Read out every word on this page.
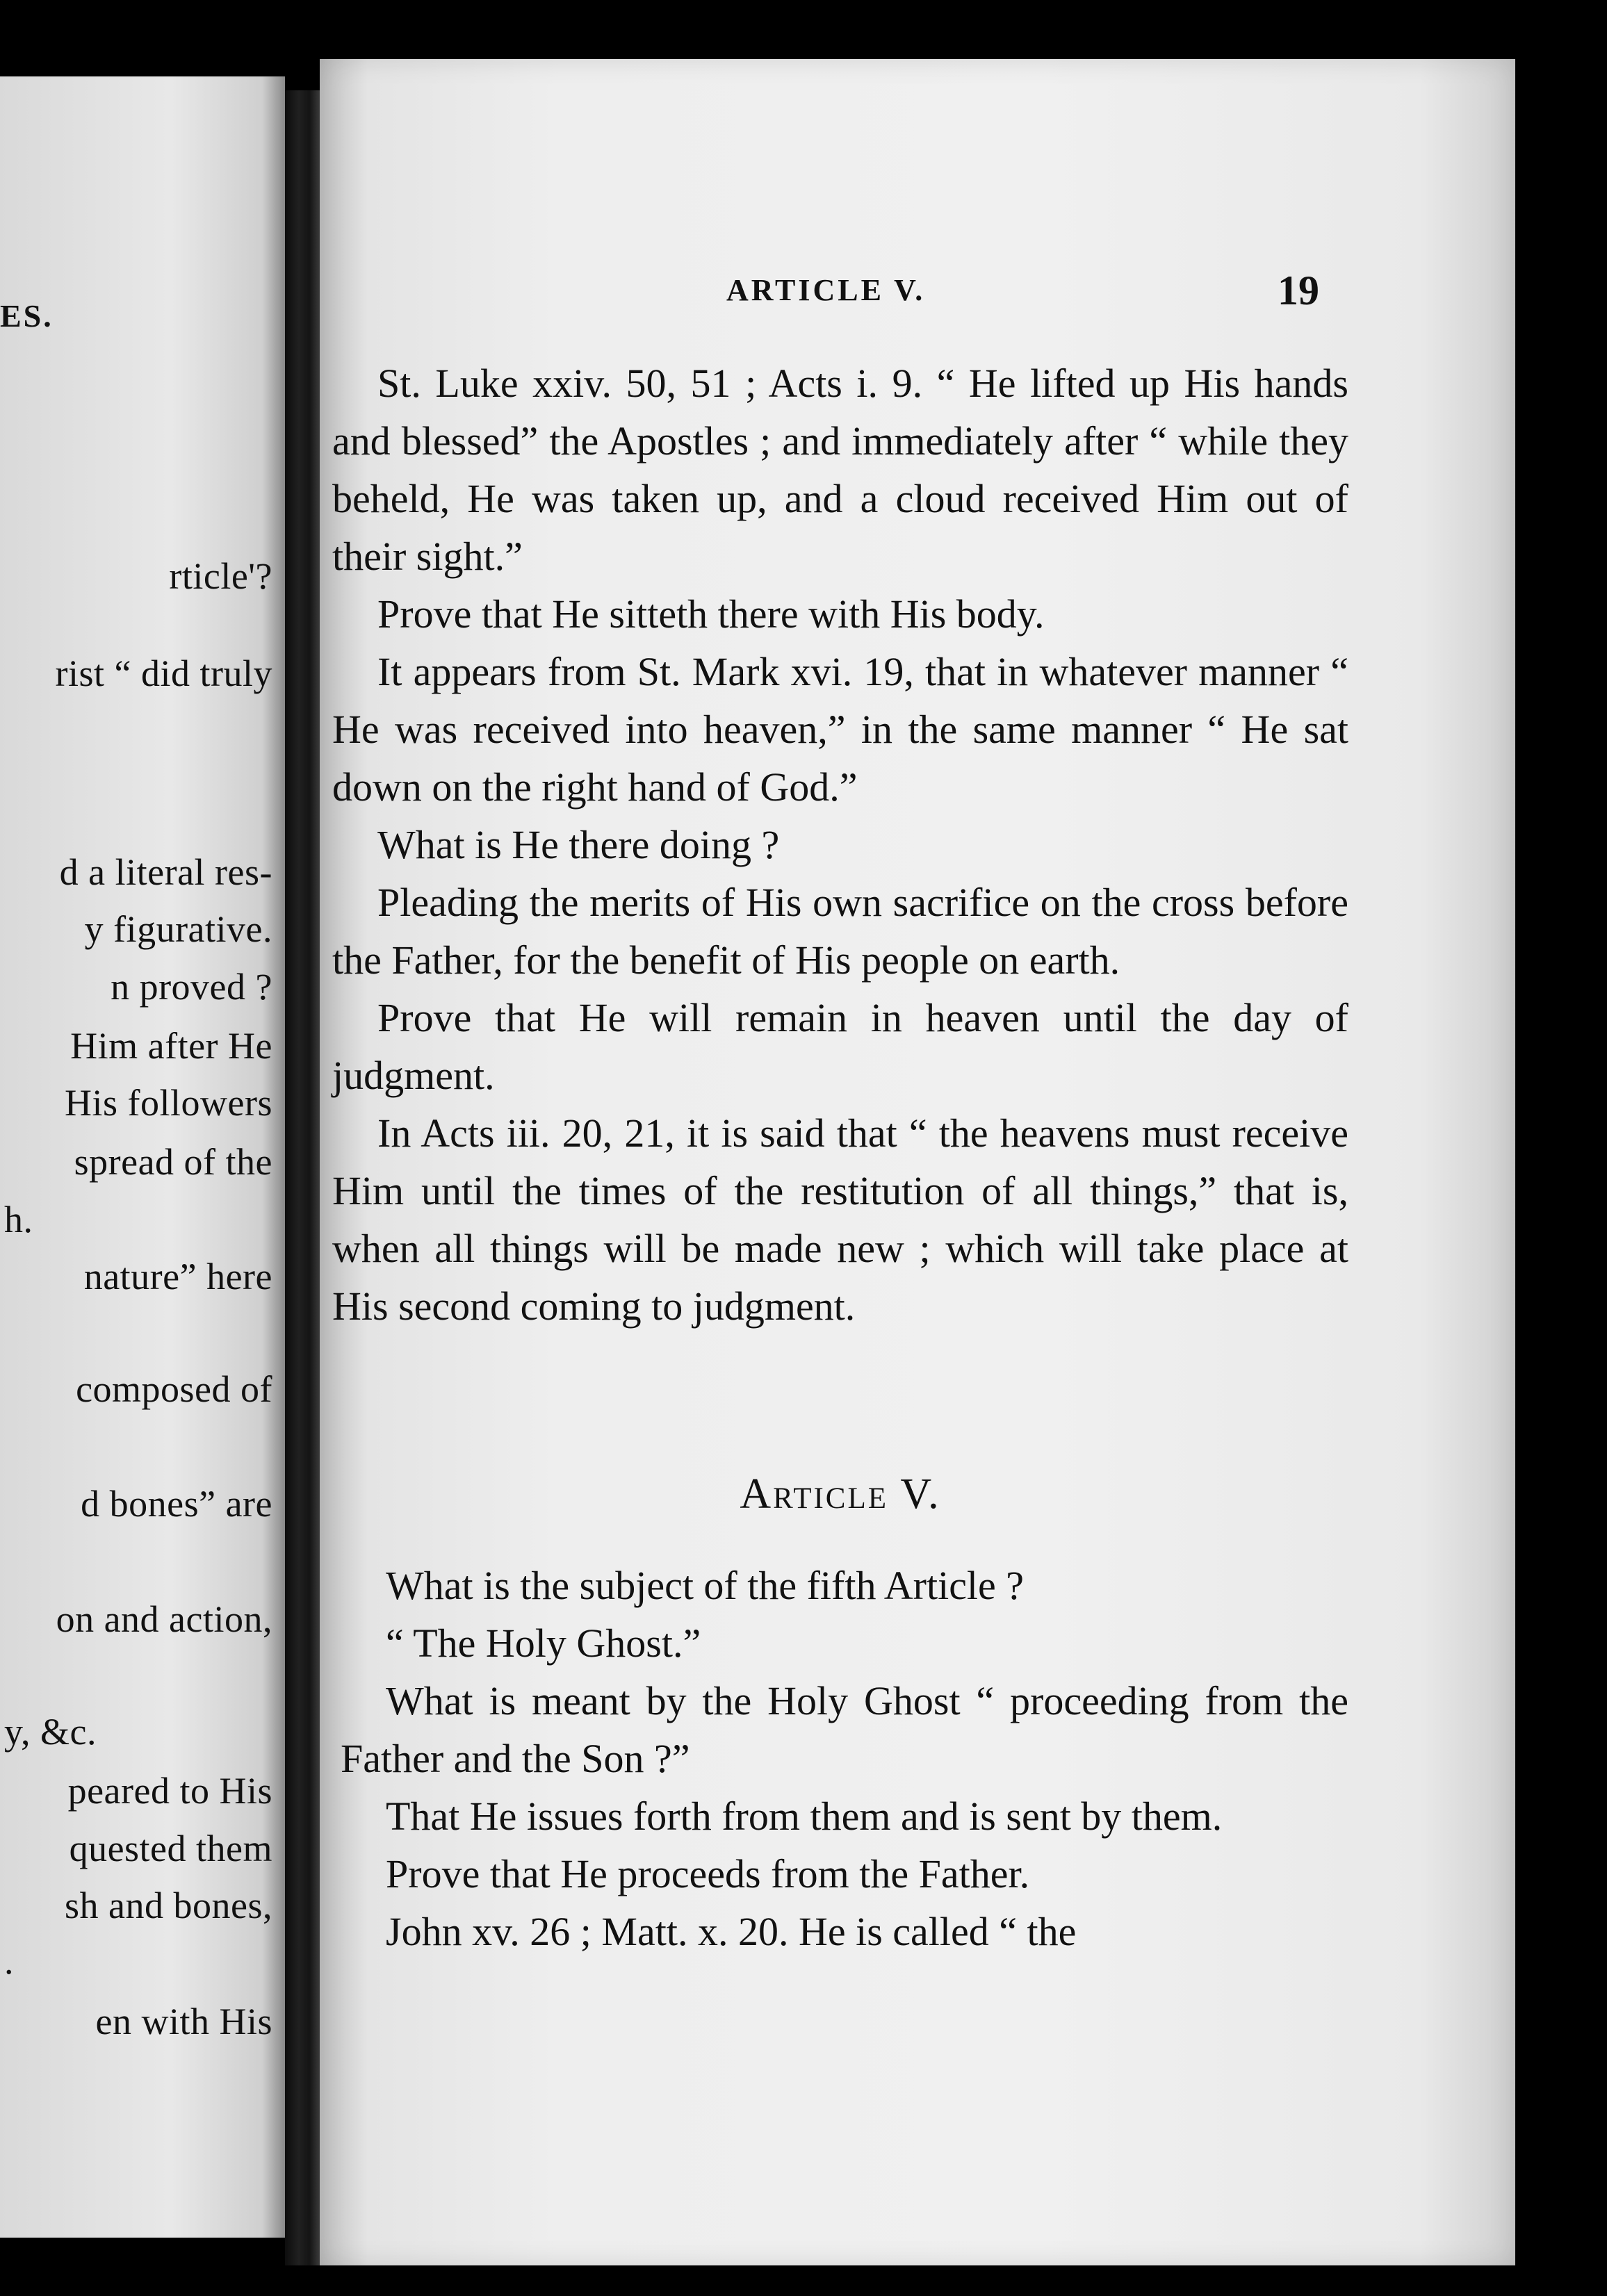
ES.
rticle'?
rist “ did truly
d a literal res-
y figurative.
n proved ?
Him after He
His followers
spread of the
h.
nature” here
composed of
d bones” are
on and action,
y, &c.
peared to His
quested them
sh and bones,
.
en with His
ARTICLE V.	19

St. Luke xxiv. 50, 51 ; Acts i. 9. “ He lifted up His hands and blessed” the Apostles ; and immediately after “ while they beheld, He was taken up, and a cloud received Him out of their sight.”

Prove that He sitteth there with His body.

It appears from St. Mark xvi. 19, that in whatever manner “ He was received into heaven,” in the same manner “ He sat down on the right hand of God.”

What is He there doing ?

Pleading the merits of His own sacrifice on the cross before the Father, for the benefit of His people on earth.

Prove that He will remain in heaven until the day of judgment.

In Acts iii. 20, 21, it is said that “ the heavens must receive Him until the times of the restitution of all things,” that is, when all things will be made new ; which will take place at His second coming to judgment.

Article V.

What is the subject of the fifth Article ?

“ The Holy Ghost.”

What is meant by the Holy Ghost “ proceeding from the Father and the Son ?”

That He issues forth from them and is sent by them.

Prove that He proceeds from the Father.

John xv. 26 ; Matt. x. 20. He is called “ the
